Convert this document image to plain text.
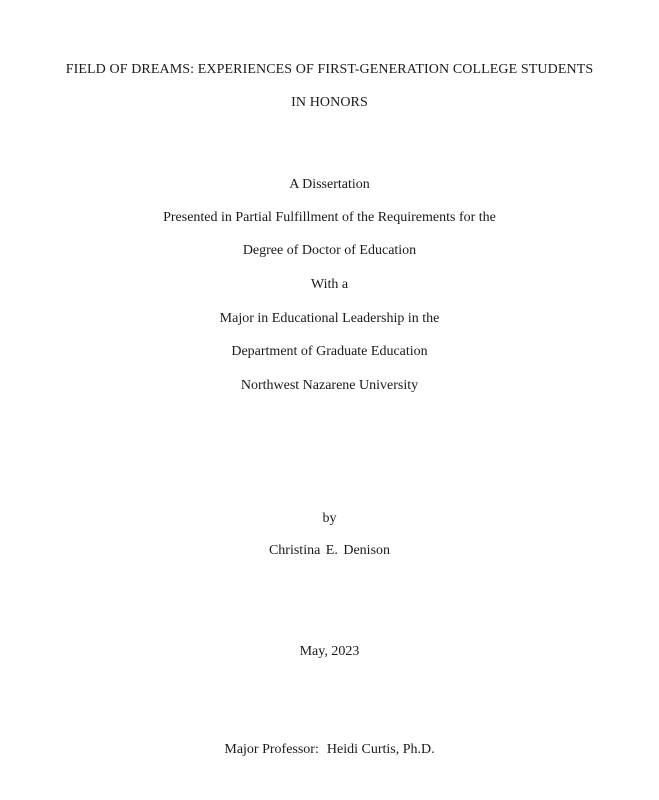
FIELD OF DREAMS: EXPERIENCES OF FIRST-GENERATION COLLEGE STUDENTS
IN HONORS
A Dissertation
Presented in Partial Fulfillment of the Requirements for the
Degree of Doctor of Education
With a
Major in Educational Leadership in the
Department of Graduate Education
Northwest Nazarene University
by
Christina E. Denison
May, 2023
Major Professor: Heidi Curtis, Ph.D.
